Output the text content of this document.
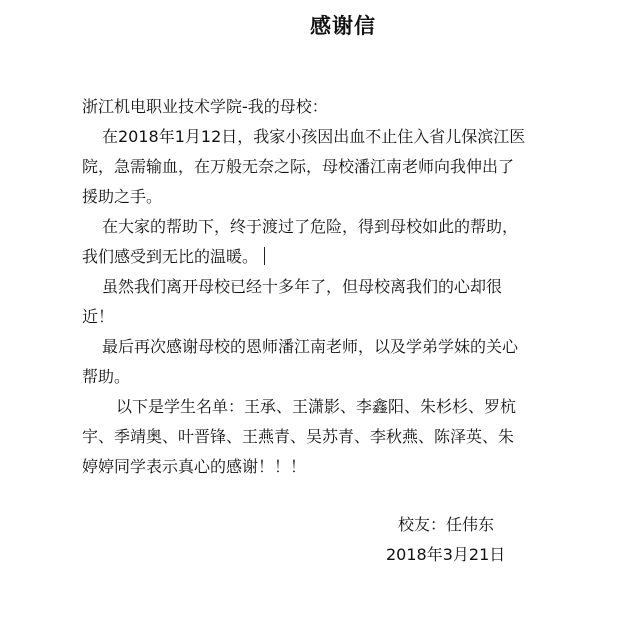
感谢信
浙江机电职业技术学院-我的母校：
在2018年1月12日，我家小孩因出血不止住入省儿保滨江医
院，急需输血，在万般无奈之际，母校潘江南老师向我伸出了
援助之手。
在大家的帮助下，终于渡过了危险，得到母校如此的帮助，
我们感受到无比的温暖。
虽然我们离开母校已经十多年了，但母校离我们的心却很
近！
最后再次感谢母校的恩师潘江南老师，以及学弟学妹的关心
帮助。
以下是学生名单：王承、王潇影、李鑫阳、朱杉杉、罗杭
宇、季靖奥、叶晋锋、王燕青、吴苏青、李秋燕、陈泽英、朱
婷婷同学表示真心的感谢！！！
校友：任伟东
2018年3月21日
